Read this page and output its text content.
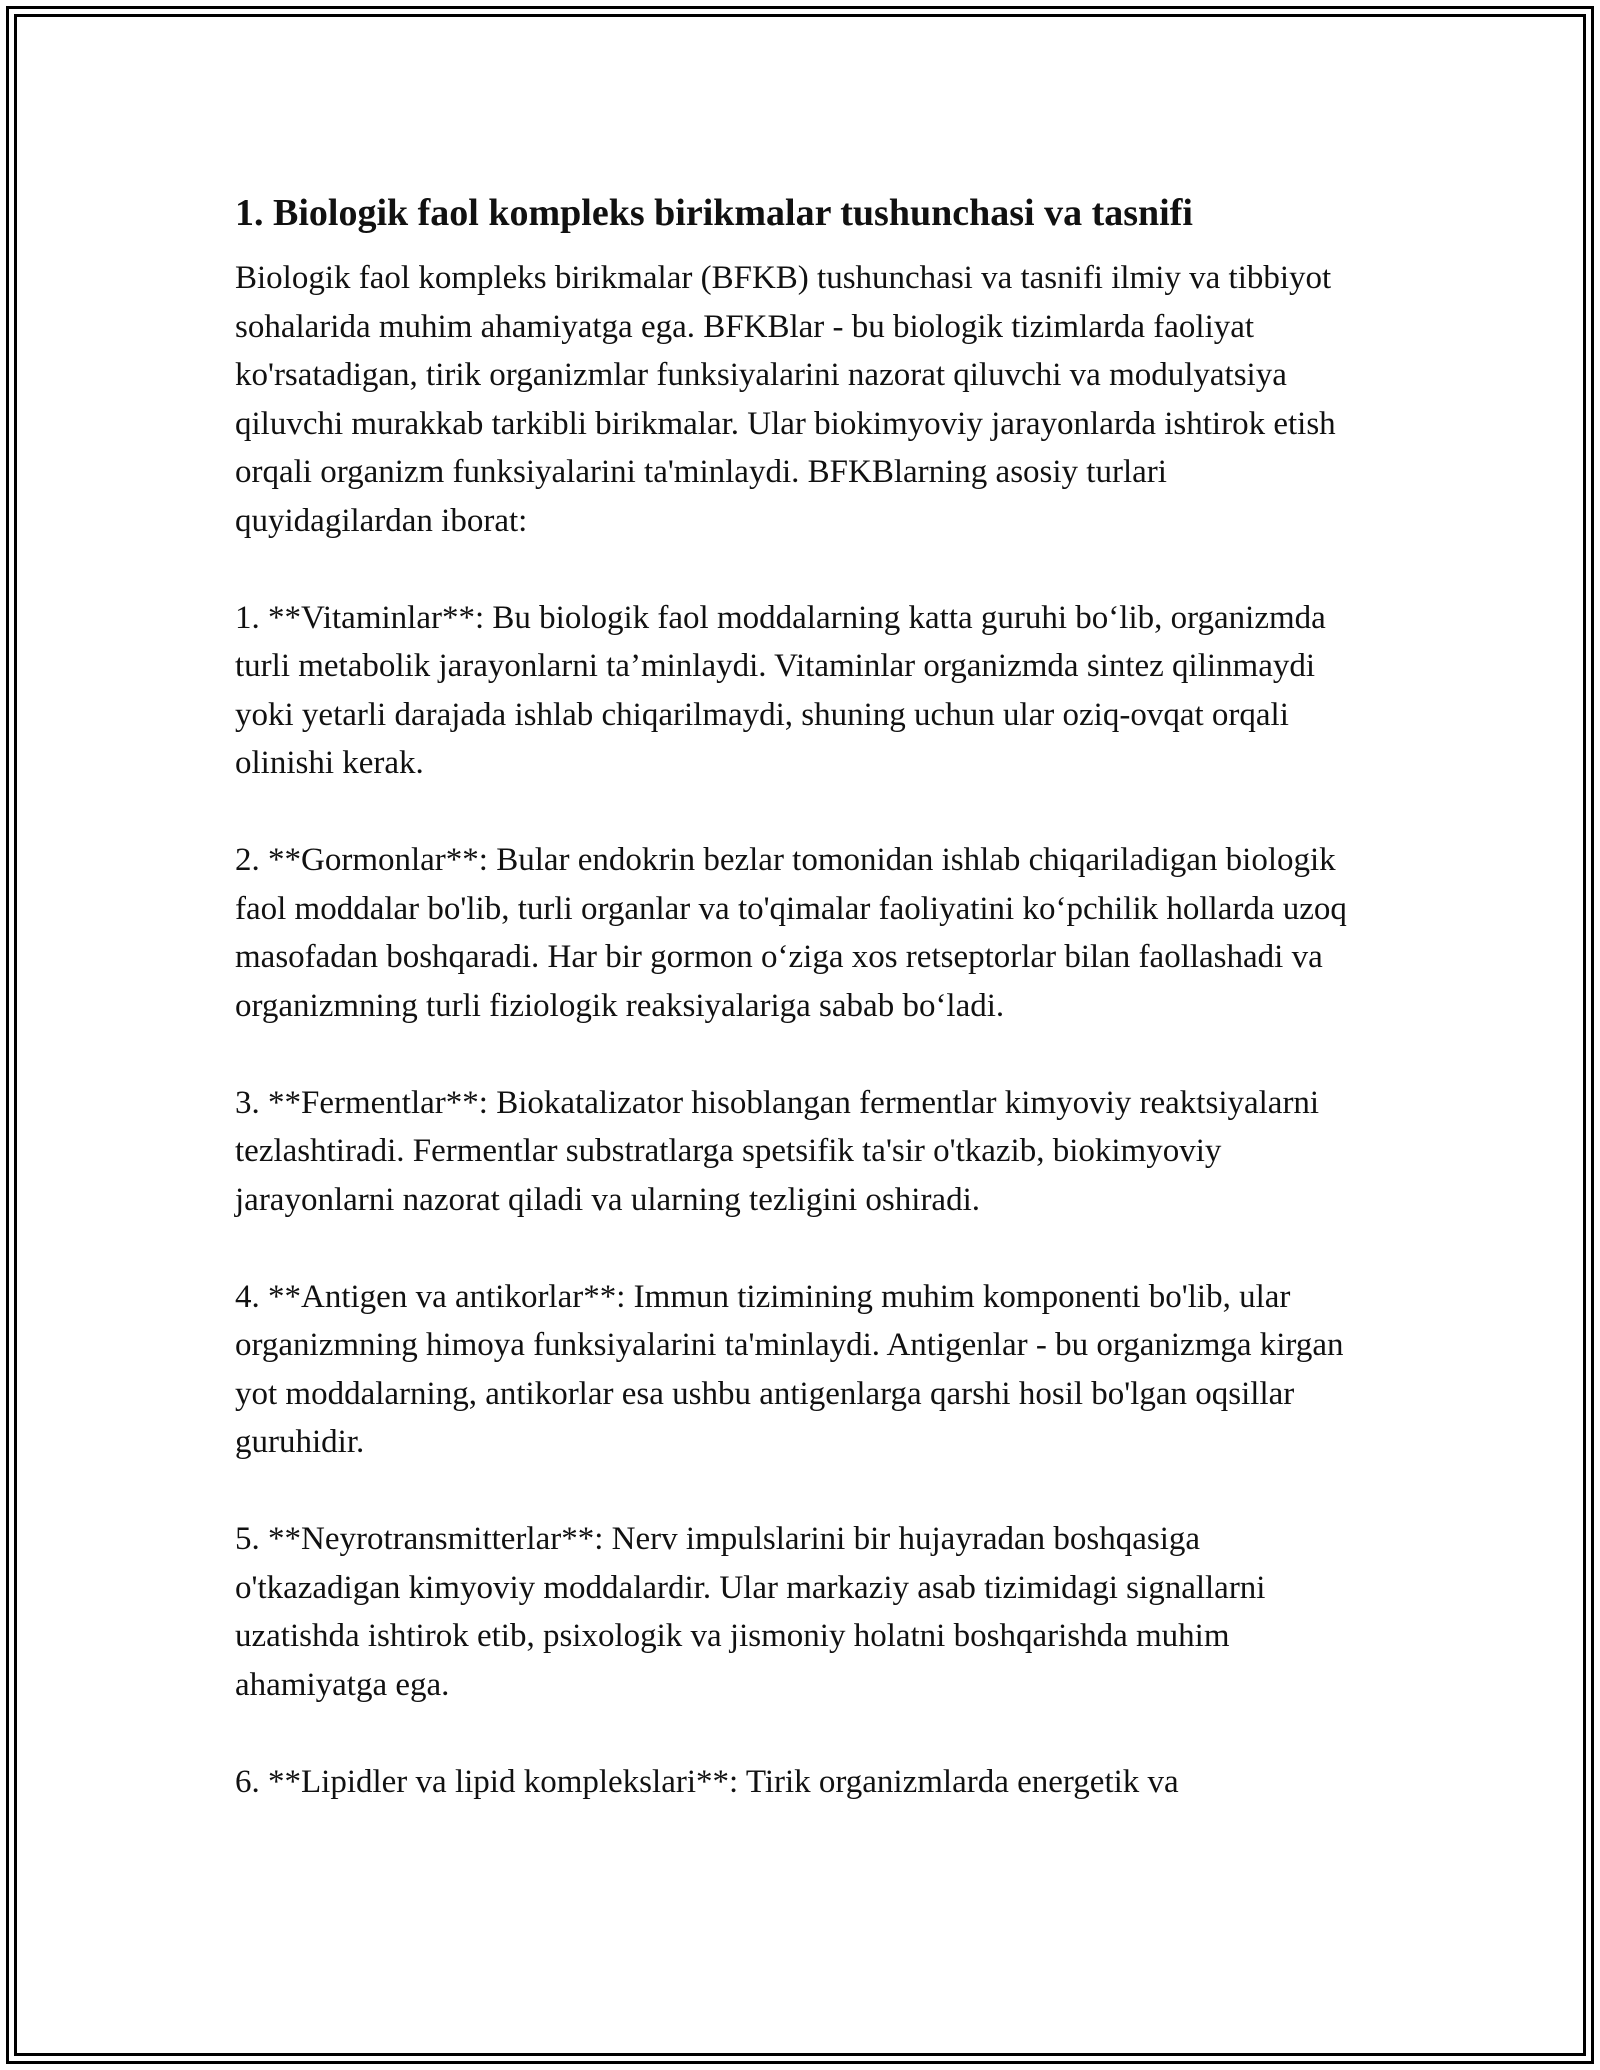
1. Biologik faol kompleks birikmalar tushunchasi va tasnifi

Biologik faol kompleks birikmalar (BFKB) tushunchasi va tasnifi ilmiy va tibbiyot sohalarida muhim ahamiyatga ega. BFKBlar - bu biologik tizimlarda faoliyat ko'rsatadigan, tirik organizmlar funksiyalarini nazorat qiluvchi va modulyatsiya qiluvchi murakkab tarkibli birikmalar. Ular biokimyoviy jarayonlarda ishtirok etish orqali organizm funksiyalarini ta'minlaydi. BFKBlarning asosiy turlari quyidagilardan iborat:

1. **Vitaminlar**: Bu biologik faol moddalarning katta guruhi bo‘lib, organizmda turli metabolik jarayonlarni ta’minlaydi. Vitaminlar organizmda sintez qilinmaydi yoki yetarli darajada ishlab chiqarilmaydi, shuning uchun ular oziq-ovqat orqali olinishi kerak.

2. **Gormonlar**: Bular endokrin bezlar tomonidan ishlab chiqariladigan biologik faol moddalar bo'lib, turli organlar va to'qimalar faoliyatini ko‘pchilik hollarda uzoq masofadan boshqaradi. Har bir gormon o‘ziga xos retseptorlar bilan faollashadi va organizmning turli fiziologik reaksiyalariga sabab bo‘ladi.

3. **Fermentlar**: Biokatalizator hisoblangan fermentlar kimyoviy reaktsiyalarni tezlashtiradi. Fermentlar substratlarga spetsifik ta'sir o'tkazib, biokimyoviy jarayonlarni nazorat qiladi va ularning tezligini oshiradi.

4. **Antigen va antikorlar**: Immun tizimining muhim komponenti bo'lib, ular organizmning himoya funksiyalarini ta'minlaydi. Antigenlar - bu organizmga kirgan yot moddalarning, antikorlar esa ushbu antigenlarga qarshi hosil bo'lgan oqsillar guruhidir.

5. **Neyrotransmitterlar**: Nerv impulslarini bir hujayradan boshqasiga o'tkazadigan kimyoviy moddalardir. Ular markaziy asab tizimidagi signallarni uzatishda ishtirok etib, psixologik va jismoniy holatni boshqarishda muhim ahamiyatga ega.

6. **Lipidler va lipid komplekslari**: Tirik organizmlarda energetik va
